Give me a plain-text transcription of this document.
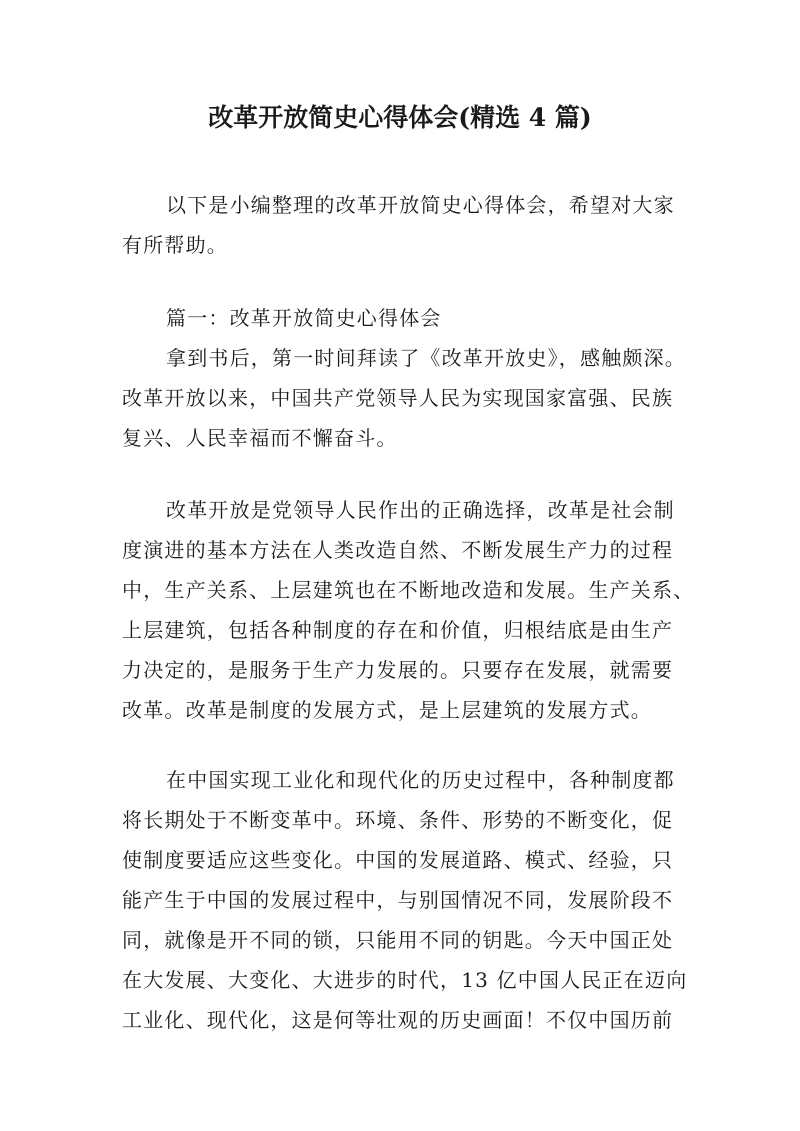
改革开放简史心得体会(精选 4 篇)
以下是小编整理的改革开放简史心得体会，希望对大家
有所帮助。
篇一：改革开放简史心得体会
拿到书后，第一时间拜读了《改革开放史》，感触颇深。
改革开放以来，中国共产党领导人民为实现国家富强、民族
复兴、人民幸福而不懈奋斗。
改革开放是党领导人民作出的正确选择，改革是社会制
度演进的基本方法在人类改造自然、不断发展生产力的过程
中，生产关系、上层建筑也在不断地改造和发展。生产关系、
上层建筑，包括各种制度的存在和价值，归根结底是由生产
力决定的，是服务于生产力发展的。只要存在发展，就需要
改革。改革是制度的发展方式，是上层建筑的发展方式。
在中国实现工业化和现代化的历史过程中，各种制度都
将长期处于不断变革中。环境、条件、形势的不断变化，促
使制度要适应这些变化。中国的发展道路、模式、经验，只
能产生于中国的发展过程中，与别国情况不同，发展阶段不
同，就像是开不同的锁，只能用不同的钥匙。今天中国正处
在大发展、大变化、大进步的时代，13 亿中国人民正在迈向
工业化、现代化，这是何等壮观的历史画面！不仅中国历前
